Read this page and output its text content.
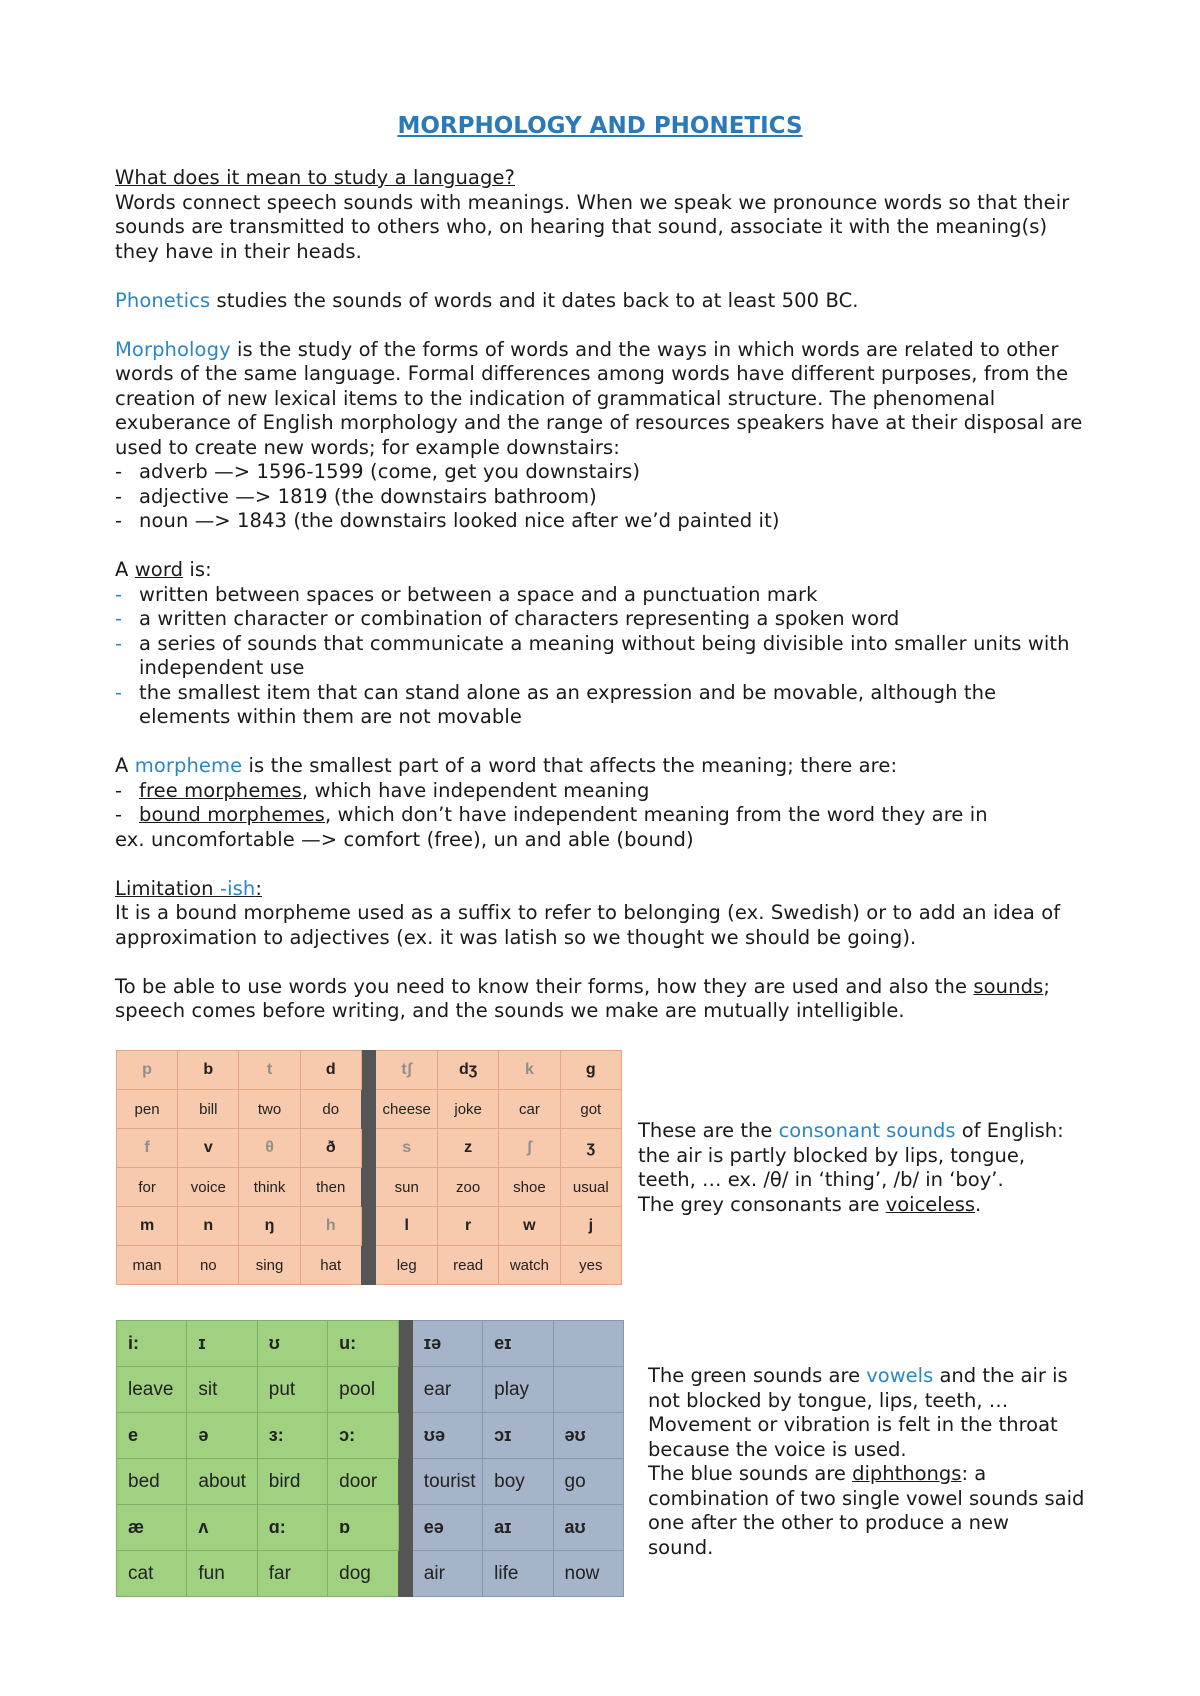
MORPHOLOGY AND PHONETICS
What does it mean to study a language?
Words connect speech sounds with meanings. When we speak we pronounce words so that their
sounds are transmitted to others who, on hearing that sound, associate it with the meaning(s)
they have in their heads.
Phonetics studies the sounds of words and it dates back to at least 500 BC.
Morphology is the study of the forms of words and the ways in which words are related to other
words of the same language. Formal differences among words have different purposes, from the
creation of new lexical items to the indication of grammatical structure. The phenomenal
exuberance of English morphology and the range of resources speakers have at their disposal are
used to create new words; for example downstairs:
- adverb —> 1596-1599 (come, get you downstairs)
- adjective —> 1819 (the downstairs bathroom)
- noun —> 1843 (the downstairs looked nice after we’d painted it)
A word is:
- written between spaces or between a space and a punctuation mark
- a written character or combination of characters representing a spoken word
- a series of sounds that communicate a meaning without being divisible into smaller units with
independent use
- the smallest item that can stand alone as an expression and be movable, although the
elements within them are not movable
A morpheme is the smallest part of a word that affects the meaning; there are:
- free morphemes, which have independent meaning
- bound morphemes, which don’t have independent meaning from the word they are in
ex. uncomfortable —> comfort (free), un and able (bound)
Limitation -ish:
It is a bound morpheme used as a suffix to refer to belonging (ex. Swedish) or to add an idea of
approximation to adjectives (ex. it was latish so we thought we should be going).
To be able to use words you need to know their forms, how they are used and also the sounds;
speech comes before writing, and the sounds we make are mutually intelligible.
p	b	t	d		tʃ	dʒ	k	g
pen	bill	two	do		cheese	joke	car	got
f	v	θ	ð		s	z	ʃ	ʒ
for	voice	think	then		sun	zoo	shoe	usual
m	n	ŋ	h		l	r	w	j
man	no	sing	hat		leg	read	watch	yes
These are the consonant sounds of English:
the air is partly blocked by lips, tongue,
teeth, … ex. /θ/ in ‘thing’, /b/ in ‘boy’.
The grey consonants are voiceless.
i:	ɪ	ʊ	u:		ɪə	eɪ	
leave	sit	put	pool		ear	play	
e	ə	ɜ:	ɔ:		ʊə	ɔɪ	əʊ
bed	about	bird	door		tourist	boy	go
æ	ʌ	ɑ:	ɒ		eə	aɪ	aʊ
cat	fun	far	dog		air	life	now
The green sounds are vowels and the air is
not blocked by tongue, lips, teeth, …
Movement or vibration is felt in the throat
because the voice is used.
The blue sounds are diphthongs: a
combination of two single vowel sounds said
one after the other to produce a new
sound.
